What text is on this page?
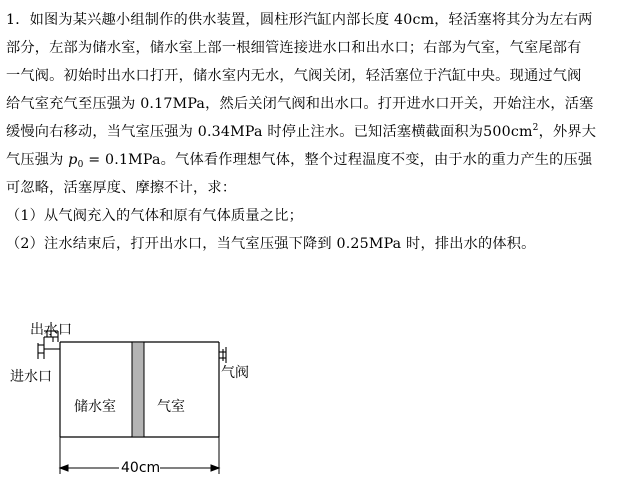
1．如图为某兴趣小组制作的供水装置，圆柱形汽缸内部长度 40cm，轻活塞将其分为左右两
部分，左部为储水室，储水室上部一根细管连接进水口和出水口；右部为气室，气室尾部有
一气阀。初始时出水口打开，储水室内无水，气阀关闭，轻活塞位于汽缸中央。现通过气阀
给气室充气至压强为 0.17MPa，然后关闭气阀和出水口。打开进水口开关，开始注水，活塞
缓慢向右移动，当气室压强为 0.34MPa 时停止注水。已知活塞横截面积为$500cm^2$，外界大
气压强为 $p_0 = 0.1MPa$。气体看作理想气体，整个过程温度不变，由于水的重力产生的压强
可忽略，活塞厚度、摩擦不计，求：
（1）从气阀充入的气体和原有气体质量之比；
（2）注水结束后，打开出水口，当气室压强下降到 0.25MPa 时，排出水的体积。
出水口
进水口	气阀
储水室	气室
40cm
